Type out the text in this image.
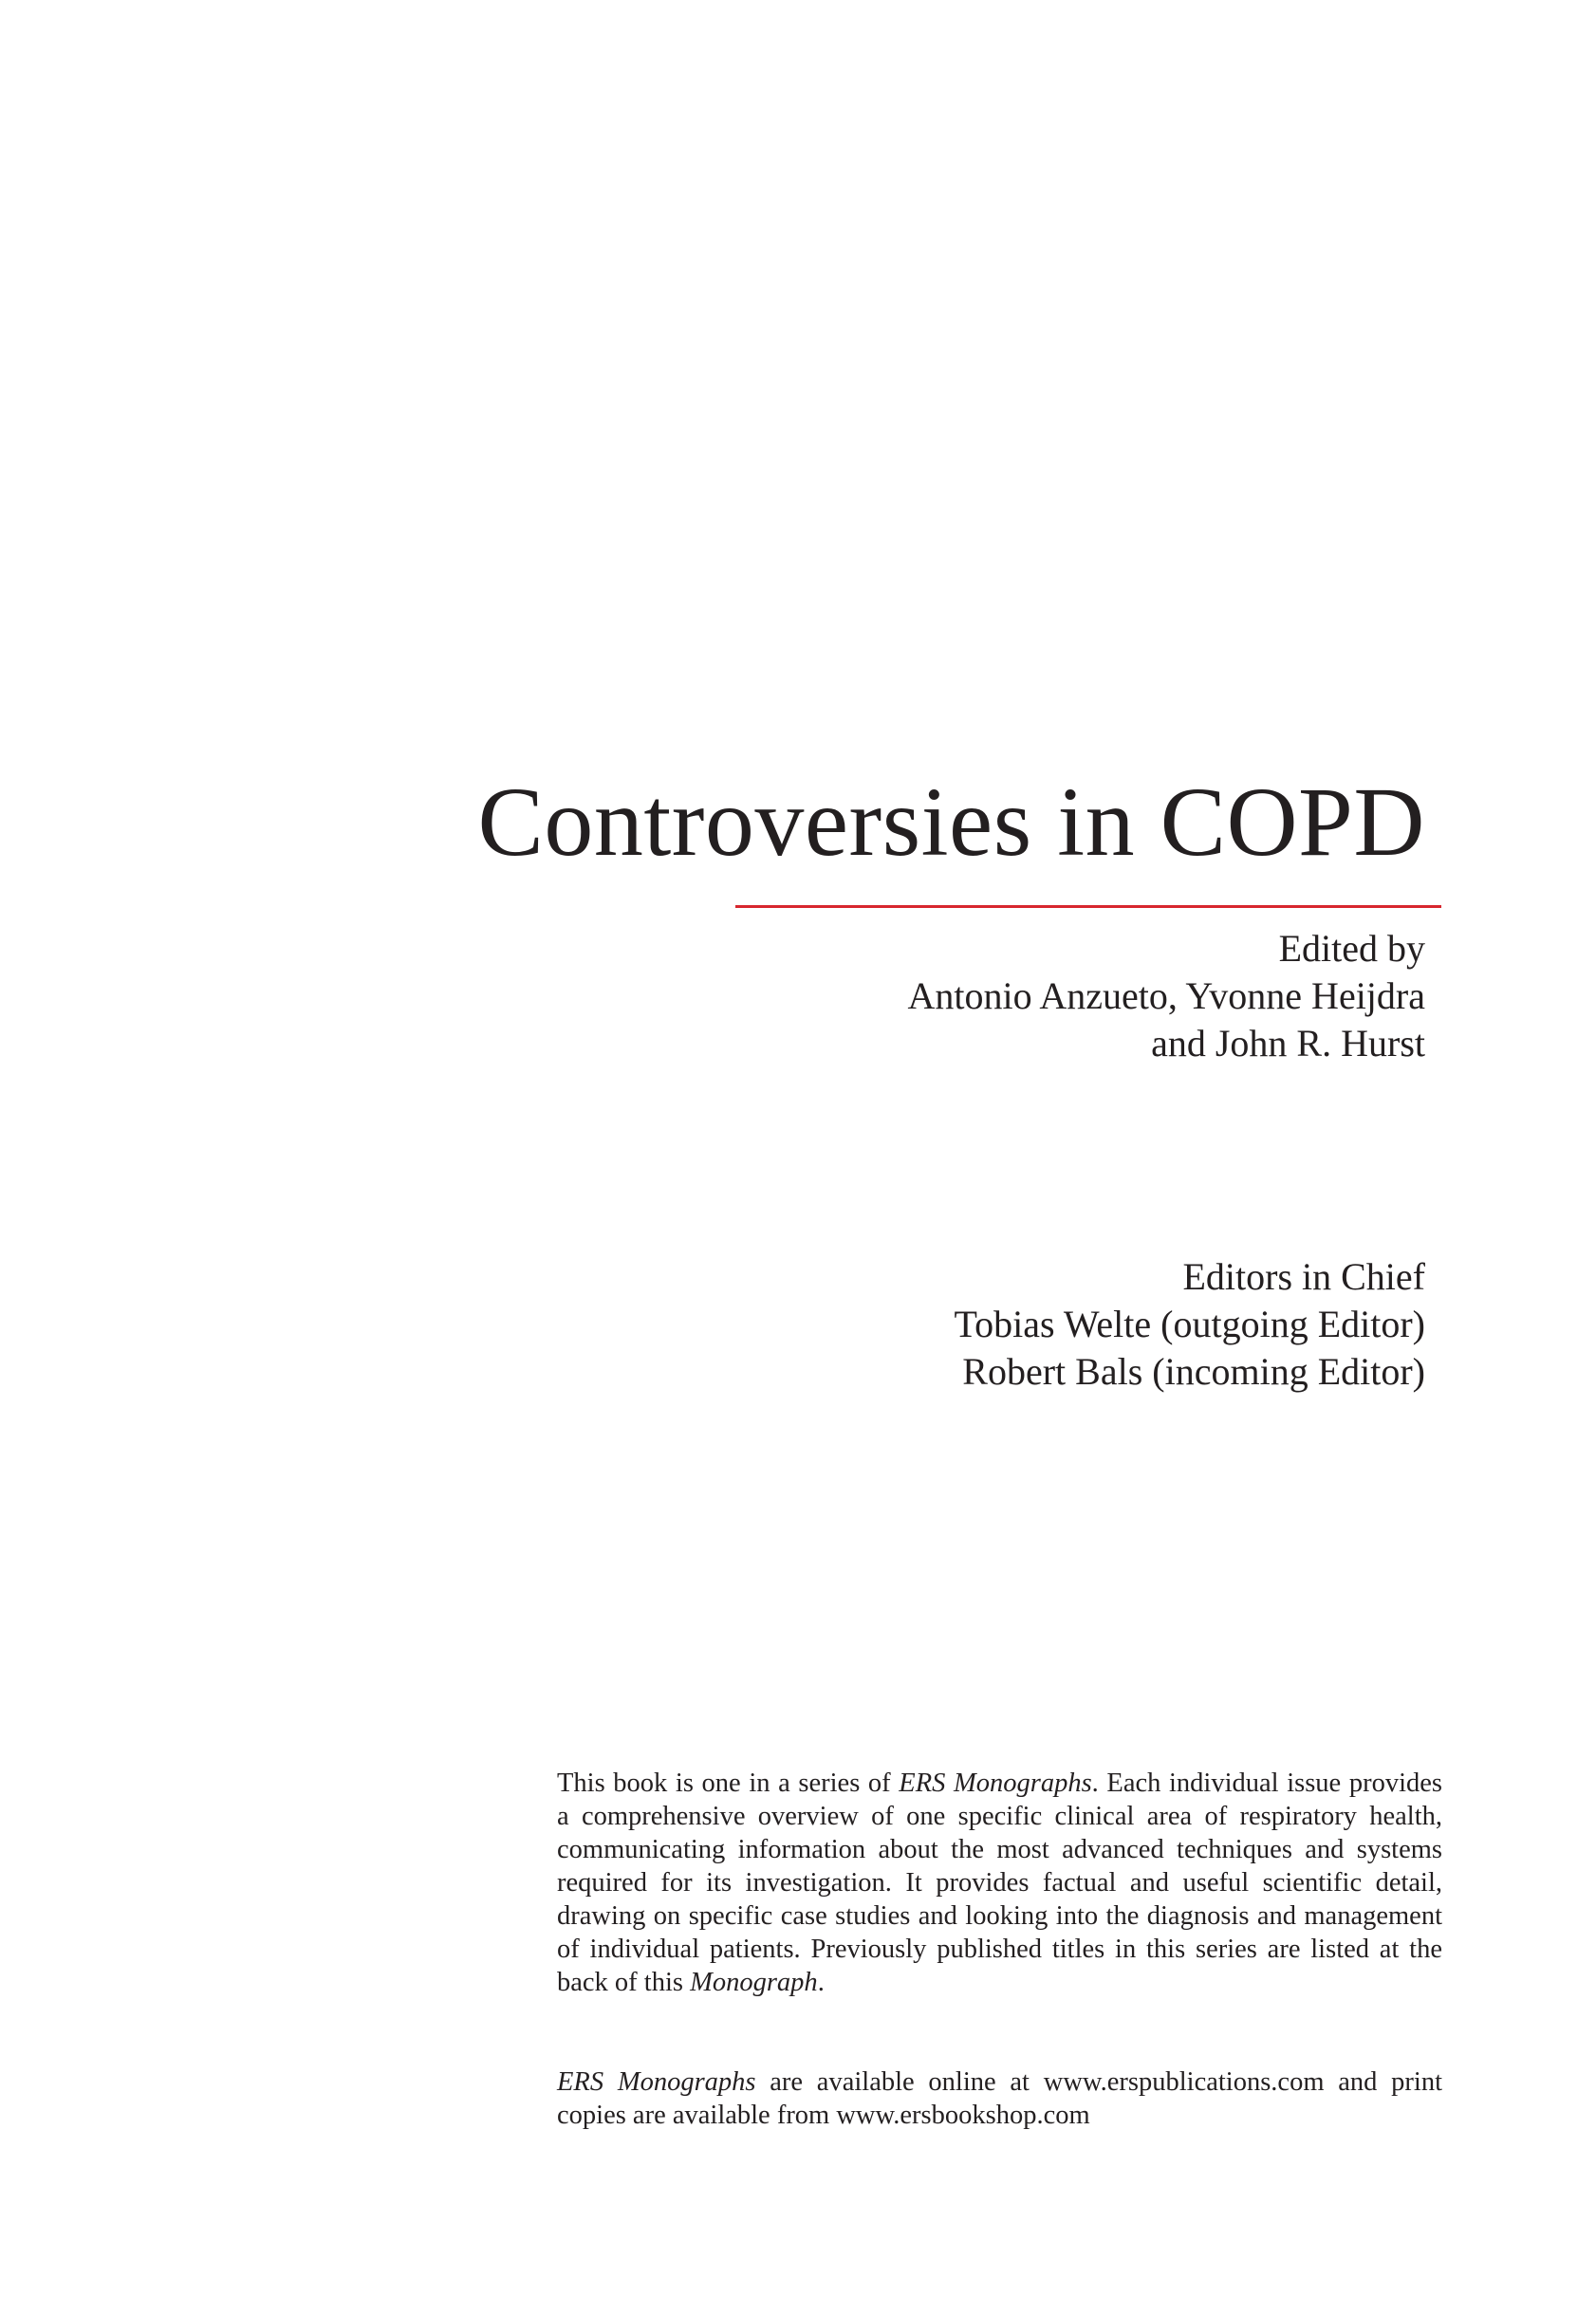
Controversies in COPD
Edited by
Antonio Anzueto, Yvonne Heijdra
and John R. Hurst
Editors in Chief
Tobias Welte (outgoing Editor)
Robert Bals (incoming Editor)

This book is one in a series of ERS Monographs. Each individual issue provides a comprehensive overview of one specific clinical area of respiratory health, communicating information about the most advanced techniques and systems required for its investigation. It provides factual and useful scientific detail, drawing on specific case studies and looking into the diagnosis and management of individual patients. Previously published titles in this series are listed at the back of this Monograph.

ERS Monographs are available online at www.erspublications.com and print copies are available from www.ersbookshop.com
